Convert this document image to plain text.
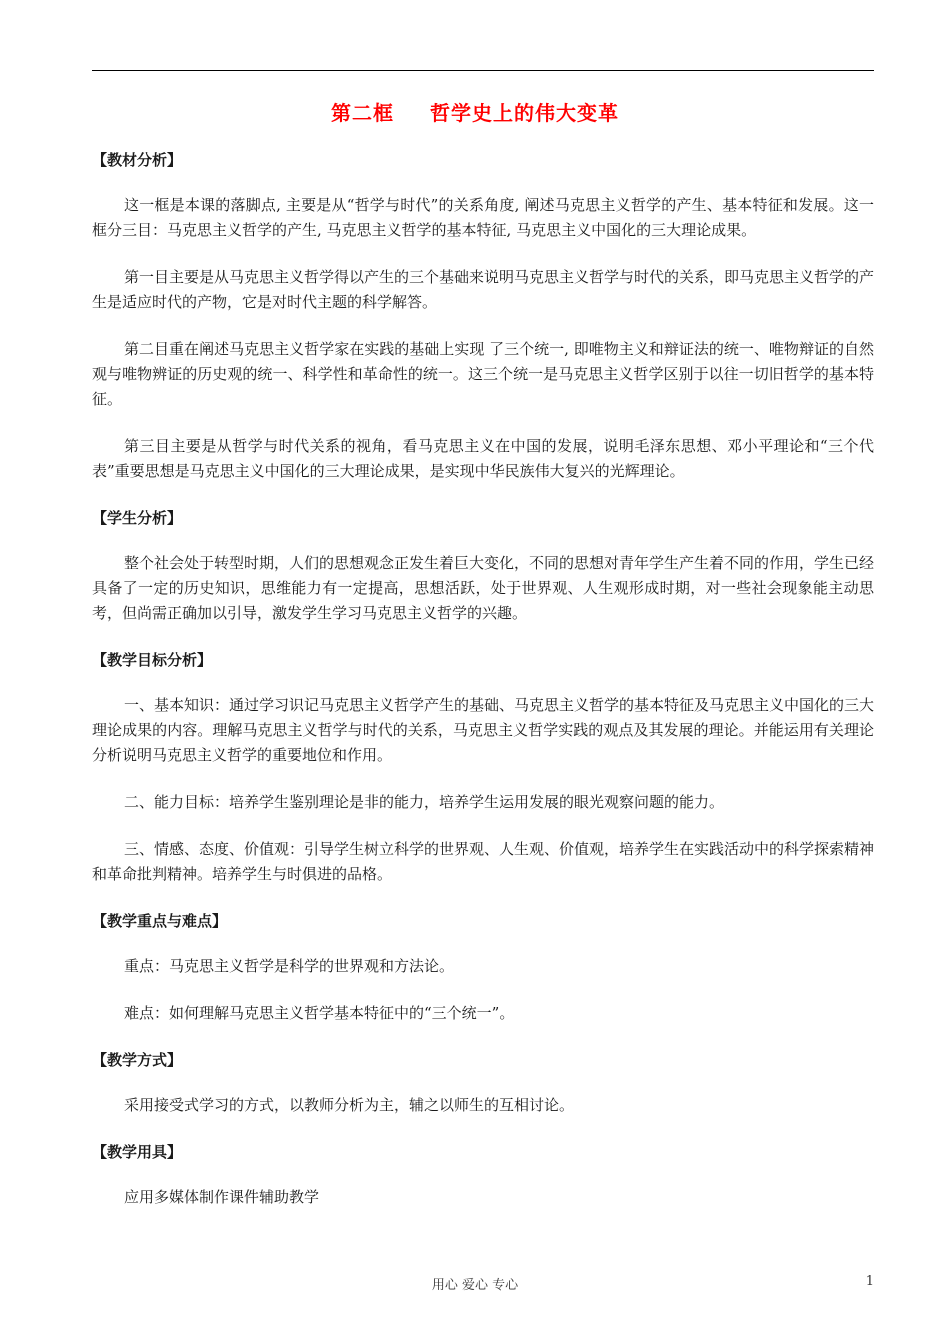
第二框 哲学史上的伟大变革

【教材分析】

这一框是本课的落脚点, 主要是从“哲学与时代”的关系角度, 阐述马克思主义哲学的产生、基本特征和发展。这一框分三目：马克思主义哲学的产生, 马克思主义哲学的基本特征, 马克思主义中国化的三大理论成果。

第一目主要是从马克思主义哲学得以产生的三个基础来说明马克思主义哲学与时代的关系，即马克思主义哲学的产生是适应时代的产物，它是对时代主题的科学解答。

第二目重在阐述马克思主义哲学家在实践的基础上实现 了三个统一, 即唯物主义和辩证法的统一、唯物辩证的自然观与唯物辨证的历史观的统一、科学性和革命性的统一。这三个统一是马克思主义哲学区别于以往一切旧哲学的基本特征。

第三目主要是从哲学与时代关系的视角，看马克思主义在中国的发展，说明毛泽东思想、邓小平理论和“三个代表”重要思想是马克思主义中国化的三大理论成果，是实现中华民族伟大复兴的光辉理论。

【学生分析】

整个社会处于转型时期，人们的思想观念正发生着巨大变化，不同的思想对青年学生产生着不同的作用，学生已经具备了一定的历史知识，思维能力有一定提高，思想活跃，处于世界观、人生观形成时期，对一些社会现象能主动思考，但尚需正确加以引导，激发学生学习马克思主义哲学的兴趣。

【教学目标分析】

一、基本知识：通过学习识记马克思主义哲学产生的基础、马克思主义哲学的基本特征及马克思主义中国化的三大理论成果的内容。理解马克思主义哲学与时代的关系，马克思主义哲学实践的观点及其发展的理论。并能运用有关理论分析说明马克思主义哲学的重要地位和作用。

二、能力目标：培养学生鉴别理论是非的能力，培养学生运用发展的眼光观察问题的能力。

三、情感、态度、价值观：引导学生树立科学的世界观、人生观、价值观，培养学生在实践活动中的科学探索精神和革命批判精神。培养学生与时俱进的品格。

【教学重点与难点】

重点：马克思主义哲学是科学的世界观和方法论。

难点：如何理解马克思主义哲学基本特征中的“三个统一”。

【教学方式】

采用接受式学习的方式，以教师分析为主，辅之以师生的互相讨论。

【教学用具】

应用多媒体制作课件辅助教学

用心 爱心 专心	1
